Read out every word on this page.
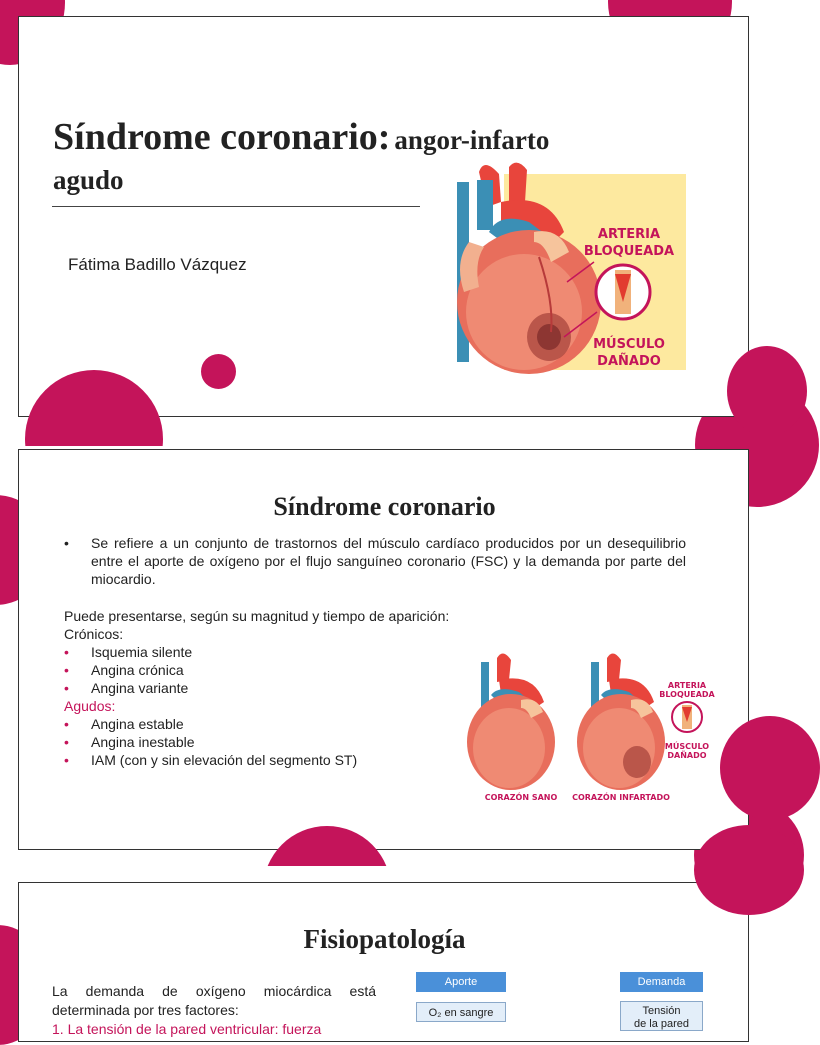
Síndrome coronario: angor-infarto
agudo
Fátima Badillo Vázquez
ARTERIA
BLOQUEADA
MÚSCULO
DAÑADO
Síndrome coronario
• Se refiere a un conjunto de trastornos del músculo cardíaco producidos por un desequilibrio entre el aporte de oxígeno por el flujo sanguíneo coronario (FSC) y la demanda por parte del miocardio.
Puede presentarse, según su magnitud y tiempo de aparición:
Crónicos:
• Isquemia silente
• Angina crónica
• Angina variante
Agudos:
• Angina estable
• Angina inestable
• IAM (con y sin elevación del segmento ST)
ARTERIA
BLOQUEADA
MÚSCULO
DAÑADO
CORAZÓN SANO CORAZÓN INFARTADO
Fisiopatología
La demanda de oxígeno miocárdica está
determinada por tres factores:
1. La tensión de la pared ventricular: fuerza
Aporte
O₂ en sangre
Demanda
Tensión
de la pared
